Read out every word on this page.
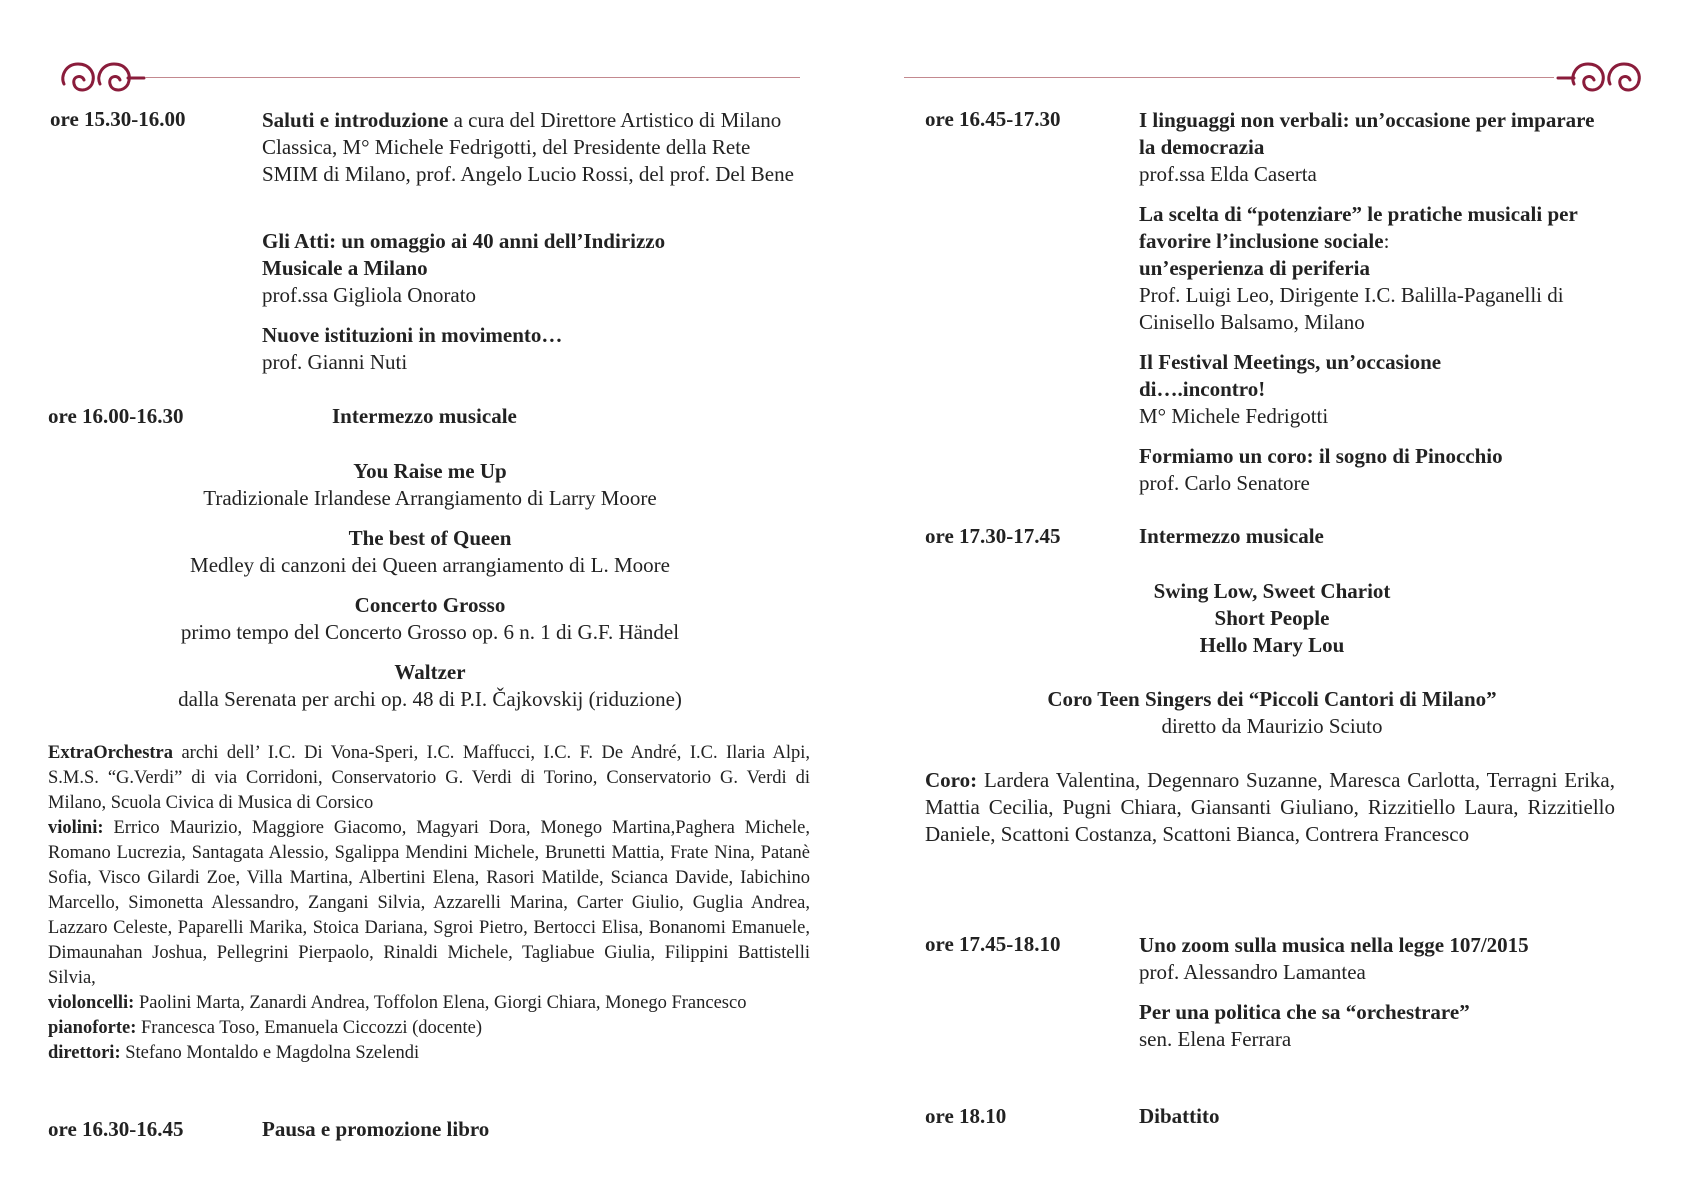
ore 15.30-16.00	Saluti e introduzione a cura del Direttore Artistico di Milano Classica, M° Michele Fedrigotti, del Presidente della Rete SMIM di Milano, prof. Angelo Lucio Rossi, del prof. Del Bene
Gli Atti: un omaggio ai 40 anni dell’Indirizzo Musicale a Milano
prof.ssa Gigliola Onorato
Nuove istituzioni in movimento…
prof. Gianni Nuti
ore 16.00-16.30	Intermezzo musicale
You Raise me Up
Tradizionale Irlandese Arrangiamento di Larry Moore
The best of Queen
Medley di canzoni dei Queen arrangiamento di L. Moore
Concerto Grosso
primo tempo del Concerto Grosso op. 6 n. 1 di G.F. Händel
Waltzer
dalla Serenata per archi op. 48 di P.I. Čajkovskij (riduzione)

ExtraOrchestra archi dell’ I.C. Di Vona-Speri, I.C. Maffucci, I.C. F. De André, I.C. Ilaria Alpi, S.M.S. “G.Verdi” di via Corridoni, Conservatorio G. Verdi di Torino, Conservatorio G. Verdi di Milano, Scuola Civica di Musica di Corsico

violini: Errico Maurizio, Maggiore Giacomo, Magyari Dora, Monego Martina,Paghera Michele, Romano Lucrezia, Santagata Alessio, Sgalippa Mendini Michele, Brunetti Mattia, Frate Nina, Patanè Sofia, Visco Gilardi Zoe, Villa Martina, Albertini Elena, Rasori Matilde, Scianca Davide, Iabichino Marcello, Simonetta Alessandro, Zangani Silvia, Azzarelli Marina, Carter Giulio, Guglia Andrea, Lazzaro Celeste, Paparelli Marika, Stoica Dariana, Sgroi Pietro, Bertocci Elisa, Bonanomi Emanuele, Dimaunahan Joshua, Pellegrini Pierpaolo, Rinaldi Michele, Tagliabue Giulia, Filippini Battistelli Silvia,

violoncelli: Paolini Marta, Zanardi Andrea, Toffolon Elena, Giorgi Chiara, Monego Francesco

pianoforte: Francesca Toso, Emanuela Ciccozzi (docente)

direttori: Stefano Montaldo e Magdolna Szelendi

ore 16.30-16.45	Pausa e promozione libro
ore 16.45-17.30	I linguaggi non verbali: un’occasione per imparare la democrazia
prof.ssa Elda Caserta
La scelta di “potenziare” le pratiche musicali per favorire l’inclusione sociale:
un’esperienza di periferia
Prof. Luigi Leo, Dirigente I.C. Balilla-Paganelli di Cinisello Balsamo, Milano
Il Festival Meetings, un’occasione di….incontro!
M° Michele Fedrigotti
Formiamo un coro: il sogno di Pinocchio
prof. Carlo Senatore
ore 17.30-17.45	Intermezzo musicale
Swing Low, Sweet Chariot
Short People
Hello Mary Lou
Coro Teen Singers dei “Piccoli Cantori di Milano”
diretto da Maurizio Sciuto
Coro: Lardera Valentina, Degennaro Suzanne, Maresca Carlotta, Terragni Erika, Mattia Cecilia, Pugni Chiara, Giansanti Giuliano, Rizzitiello Laura, Rizzitiello Daniele, Scattoni Costanza, Scattoni Bianca, Contrera Francesco
ore 17.45-18.10	Uno zoom sulla musica nella legge 107/2015
prof. Alessandro Lamantea
Per una politica che sa “orchestrare”
sen. Elena Ferrara
ore 18.10	Dibattito
